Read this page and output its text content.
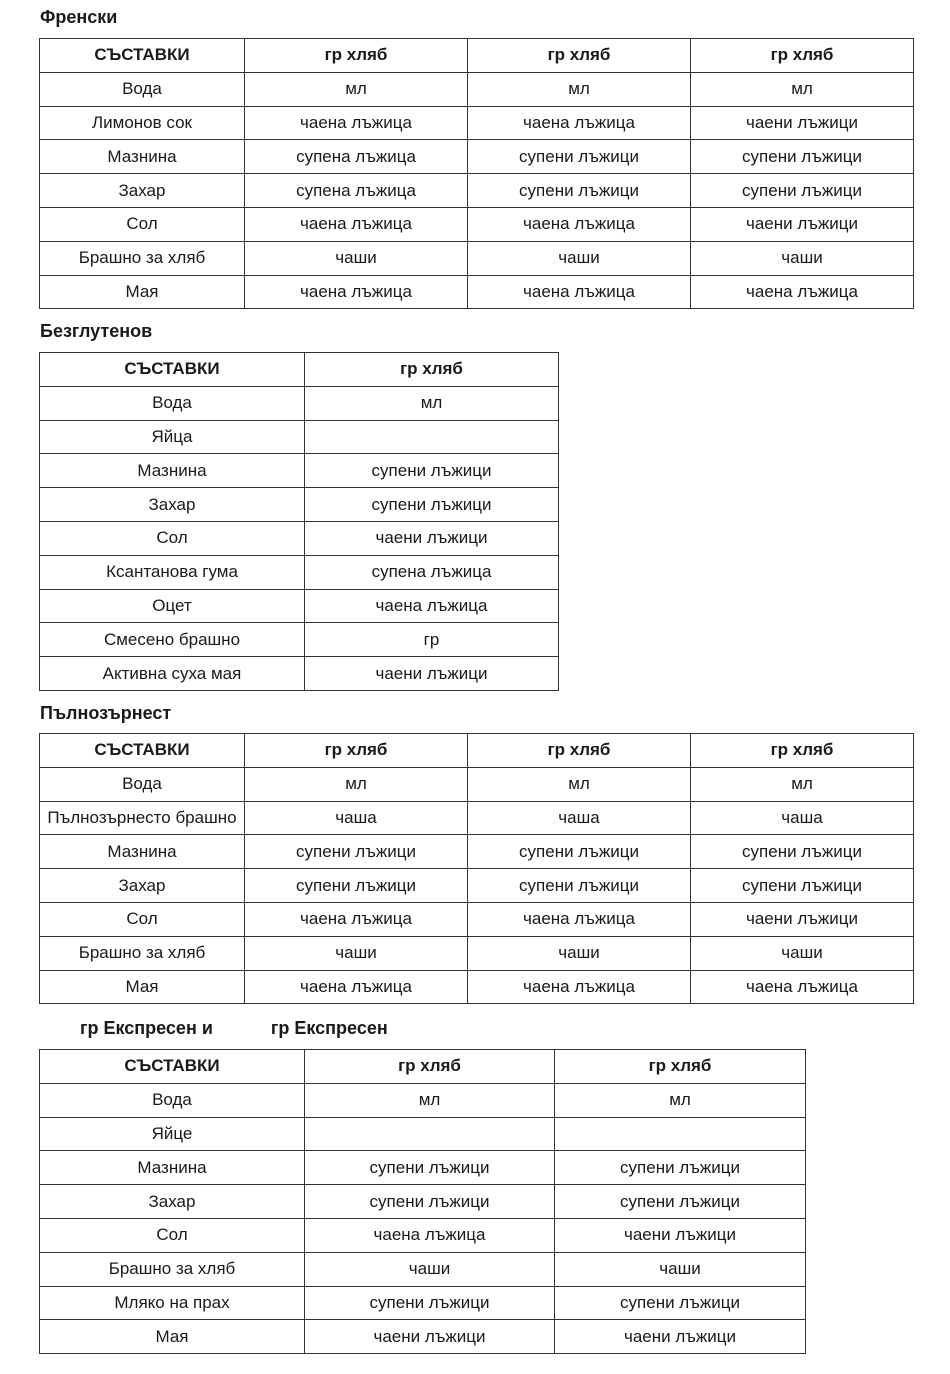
Френски
СЪСТАВКИ	гр хляб	гр хляб	гр хляб
Вода	мл	мл	мл
Лимонов сок	чаена лъжица	чаена лъжица	чаени лъжици
Мазнина	супена лъжица	супени лъжици	супени лъжици
Захар	супена лъжица	супени лъжици	супени лъжици
Сол	чаена лъжица	чаена лъжица	чаени лъжици
Брашно за хляб	чаши	чаши	чаши
Мая	чаена лъжица	чаена лъжица	чаена лъжица
Безглутенов
СЪСТАВКИ	гр хляб
Вода	мл
Яйца	
Мазнина	супени лъжици
Захар	супени лъжици
Сол	чаени лъжици
Ксантанова гума	супена лъжица
Оцет	чаена лъжица
Смесено брашно	гр
Активна суха мая	чаени лъжици
Пълнозърнест
СЪСТАВКИ	гр хляб	гр хляб	гр хляб
Вода	мл	мл	мл
Пълнозърнесто брашно	чаша	чаша	чаша
Мазнина	супени лъжици	супени лъжици	супени лъжици
Захар	супени лъжици	супени лъжици	супени лъжици
Сол	чаена лъжица	чаена лъжица	чаени лъжици
Брашно за хляб	чаши	чаши	чаши
Мая	чаена лъжица	чаена лъжица	чаена лъжица
гр Експресен и	гр Експресен
СЪСТАВКИ	гр хляб	гр хляб
Вода	мл	мл
Яйце		
Мазнина	супени лъжици	супени лъжици
Захар	супени лъжици	супени лъжици
Сол	чаена лъжица	чаени лъжици
Брашно за хляб	чаши	чаши
Мляко на прах	супени лъжици	супени лъжици
Мая	чаени лъжици	чаени лъжици
